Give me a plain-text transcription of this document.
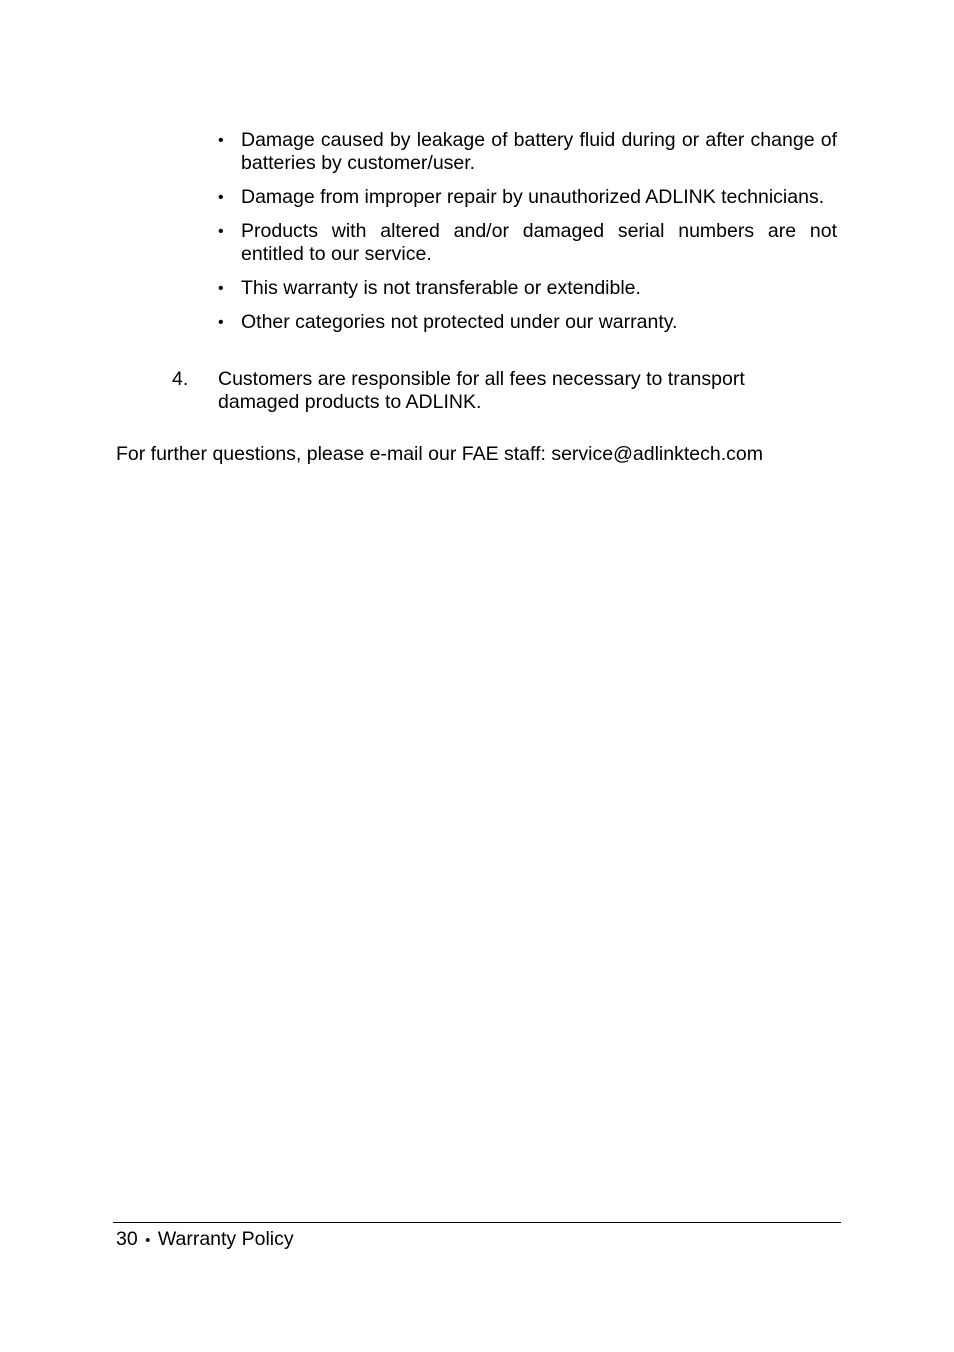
• Damage caused by leakage of battery fluid during or after change of batteries by customer/user.
• Damage from improper repair by unauthorized ADLINK technicians.
• Products with altered and/or damaged serial numbers are not entitled to our service.
• This warranty is not transferable or extendible.
• Other categories not protected under our warranty.
4. Customers are responsible for all fees necessary to transport damaged products to ADLINK.
For further questions, please e-mail our FAE staff: service@adlinktech.com
30 • Warranty Policy
